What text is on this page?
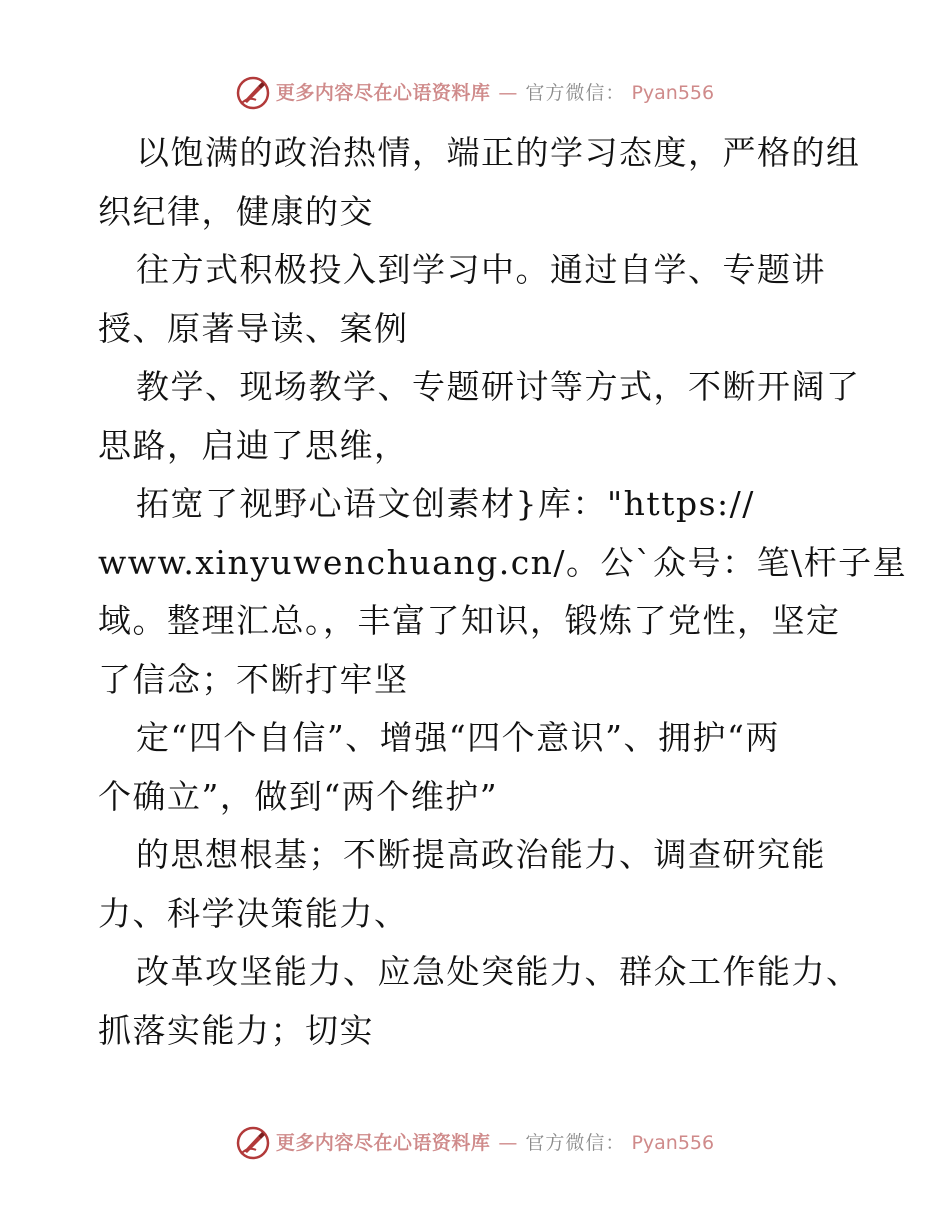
更多内容尽在心语资料库 — 官方微信： Pyan556
以饱满的政治热情，端正的学习态度，严格的组
织纪律，健康的交
往方式积极投入到学习中。通过自学、专题讲
授、原著导读、案例
教学、现场教学、专题研讨等方式，不断开阔了
思路，启迪了思维，
拓宽了视野心语文创素材}库："https://
www.xinyuwenchuang.cn/。公`众号：笔\杆子星
域。整理汇总。，丰富了知识，锻炼了党性，坚定
了信念；不断打牢坚
定“四个自信”、增强“四个意识”、拥护“两
个确立”，做到“两个维护”
的思想根基；不断提高政治能力、调查研究能
力、科学决策能力、
改革攻坚能力、应急处突能力、群众工作能力、
抓落实能力；切实
更多内容尽在心语资料库 — 官方微信： Pyan556
